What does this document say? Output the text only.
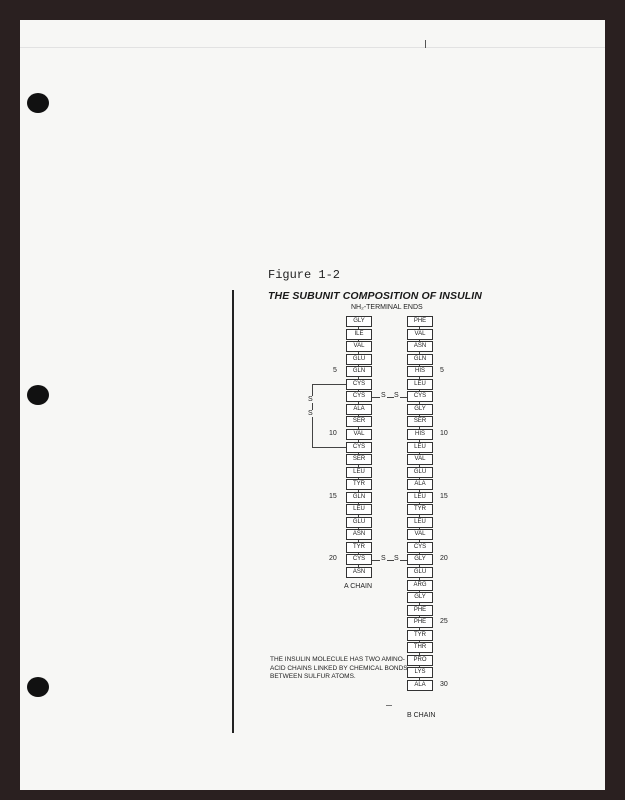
Figure 1-2
THE SUBUNIT COMPOSITION OF INSULIN
NH₂-TERMINAL ENDS
GLY
ILE
VAL
GLU
GLN
CYS
CYS
ALA
SER
VAL
CYS
SER
LEU
TYR
GLN
LEU
GLU
ASN
TYR
CYS
ASN
PHE
VAL
ASN
GLN
HIS
LEU
CYS
GLY
SER
HIS
LEU
VAL
GLU
ALA
LEU
TYR
LEU
VAL
CYS
GLY
GLU
ARG
GLY
PHE
PHE
TYR
THR
PRO
LYS
ALA
5
10
15
20
5
10
15
20
25
30
S S
S S
S
S
A CHAIN
B CHAIN
THE INSULIN MOLECULE HAS TWO AMINO-ACID CHAINS LINKED BY CHEMICAL BONDS BETWEEN SULFUR ATOMS.
